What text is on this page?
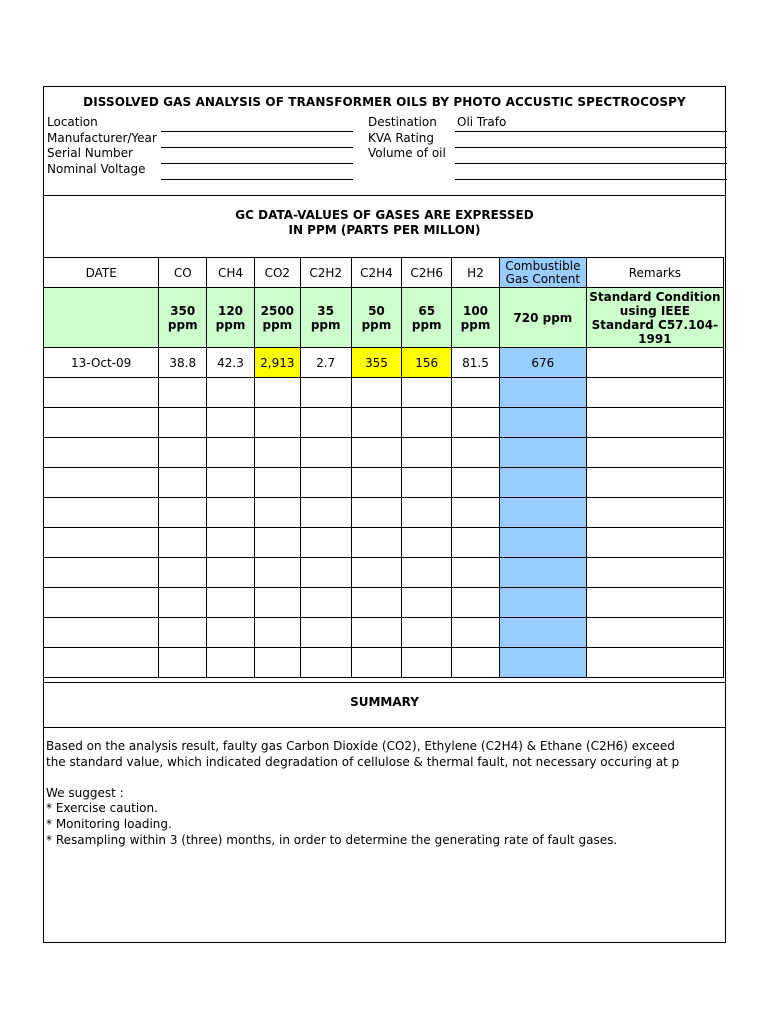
DISSOLVED GAS ANALYSIS OF TRANSFORMER OILS BY PHOTO ACCUSTIC SPECTROCOSPY
Location
Manufacturer/Year
Serial Number
Nominal Voltage
Destination Oli Trafo
KVA Rating
Volume of oil
GC DATA-VALUES OF GASES ARE EXPRESSED
IN PPM (PARTS PER MILLON)
DATE	CO	CH4	CO2	C2H2	C2H4	C2H6	H2	Combustible Gas Content	Remarks
	350 ppm	120 ppm	2500 ppm	35 ppm	50 ppm	65 ppm	100 ppm	720 ppm	Standard Condition using IEEE Standard C57.104-1991
13-Oct-09	38.8	42.3	2,913	2.7	355	156	81.5	676	

SUMMARY

Based on the analysis result, faulty gas Carbon Dioxide (CO2), Ethylene (C2H4) & Ethane (C2H6) exceed

the standard value, which indicated degradation of cellulose & thermal fault, not necessary occuring at p

We suggest :

* Exercise caution.

* Monitoring loading.

* Resampling within 3 (three) months, in order to determine the generating rate of fault gases.
